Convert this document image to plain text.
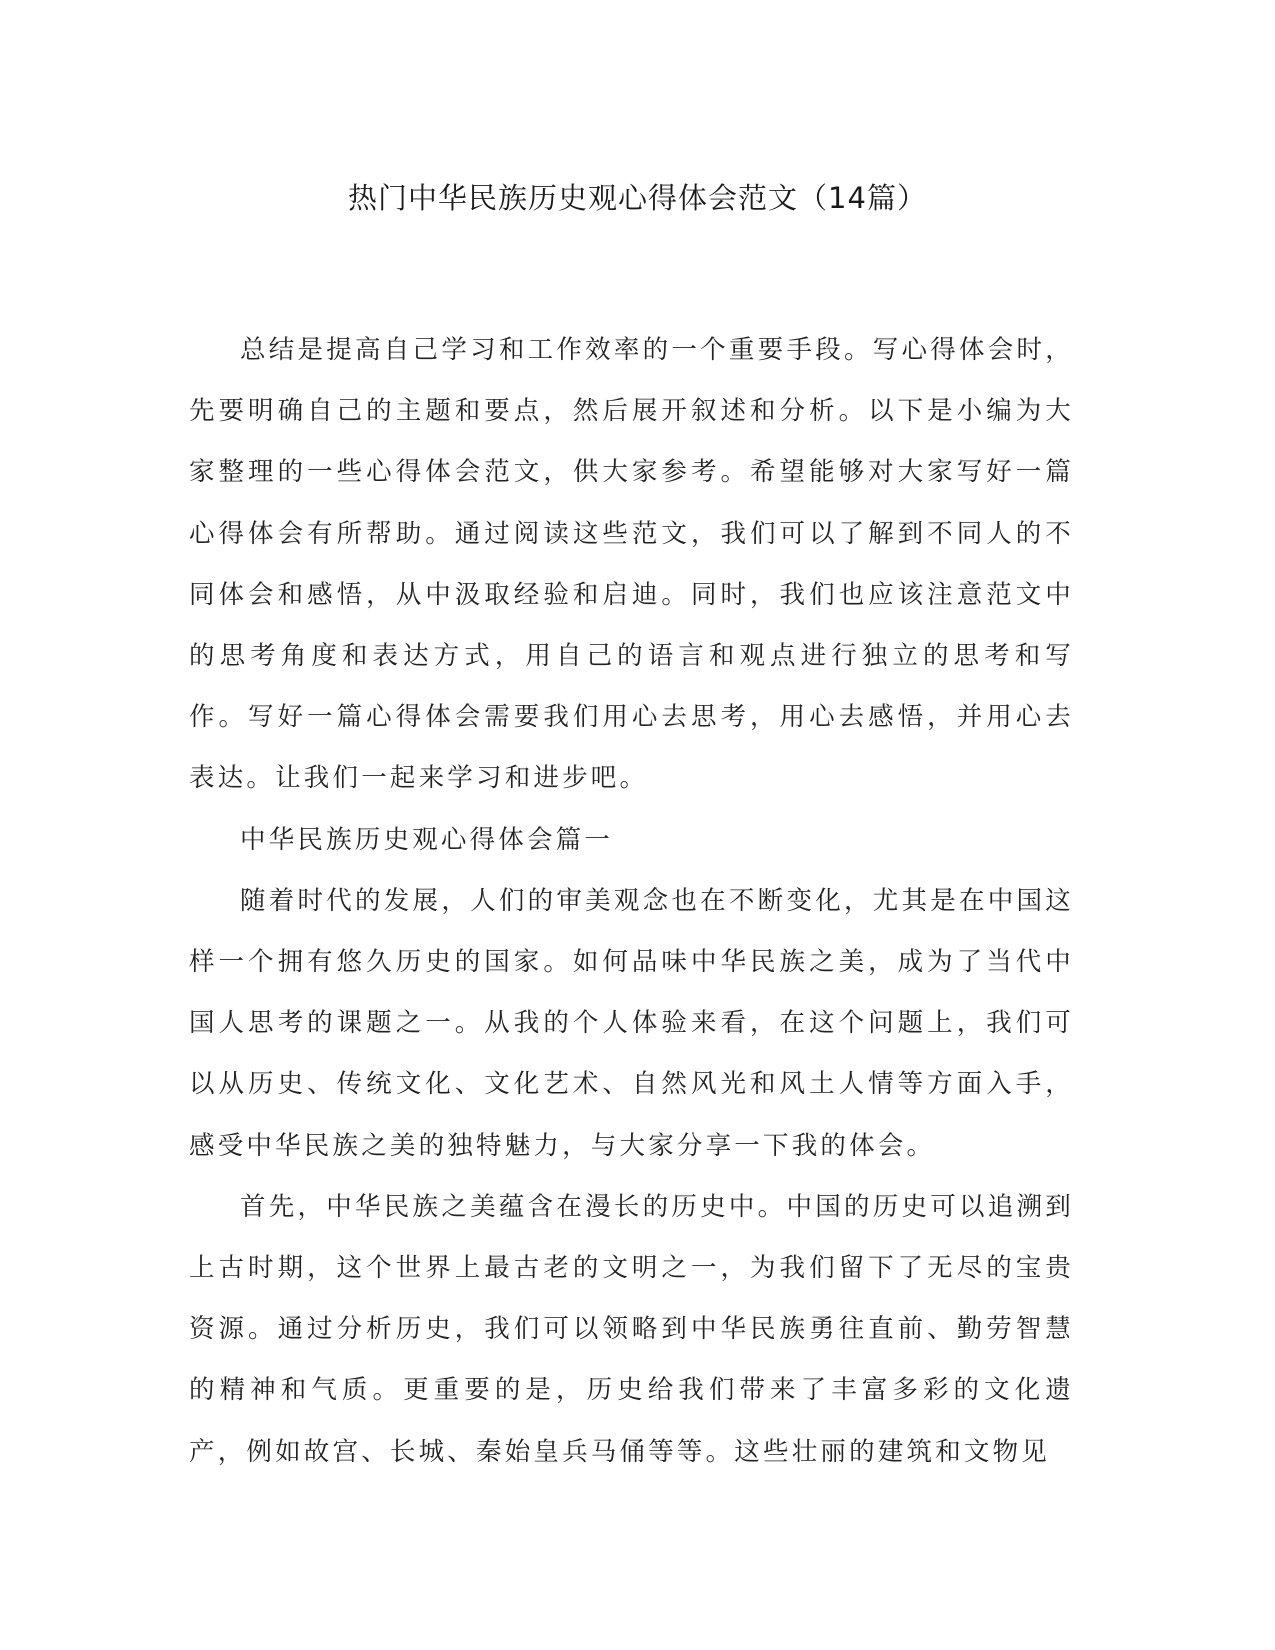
热门中华民族历史观心得体会范文（14篇）

总结是提高自己学习和工作效率的一个重要手段。写心得体会时，先要明确自己的主题和要点，然后展开叙述和分析。以下是小编为大家整理的一些心得体会范文，供大家参考。希望能够对大家写好一篇心得体会有所帮助。通过阅读这些范文，我们可以了解到不同人的不同体会和感悟，从中汲取经验和启迪。同时，我们也应该注意范文中的思考角度和表达方式，用自己的语言和观点进行独立的思考和写作。写好一篇心得体会需要我们用心去思考，用心去感悟，并用心去表达。让我们一起来学习和进步吧。

中华民族历史观心得体会篇一

随着时代的发展，人们的审美观念也在不断变化，尤其是在中国这样一个拥有悠久历史的国家。如何品味中华民族之美，成为了当代中国人思考的课题之一。从我的个人体验来看，在这个问题上，我们可以从历史、传统文化、文化艺术、自然风光和风土人情等方面入手，感受中华民族之美的独特魅力，与大家分享一下我的体会。

首先，中华民族之美蕴含在漫长的历史中。中国的历史可以追溯到上古时期，这个世界上最古老的文明之一，为我们留下了无尽的宝贵资源。通过分析历史，我们可以领略到中华民族勇往直前、勤劳智慧的精神和气质。更重要的是，历史给我们带来了丰富多彩的文化遗产，例如故宫、长城、秦始皇兵马俑等等。这些壮丽的建筑和文物见
